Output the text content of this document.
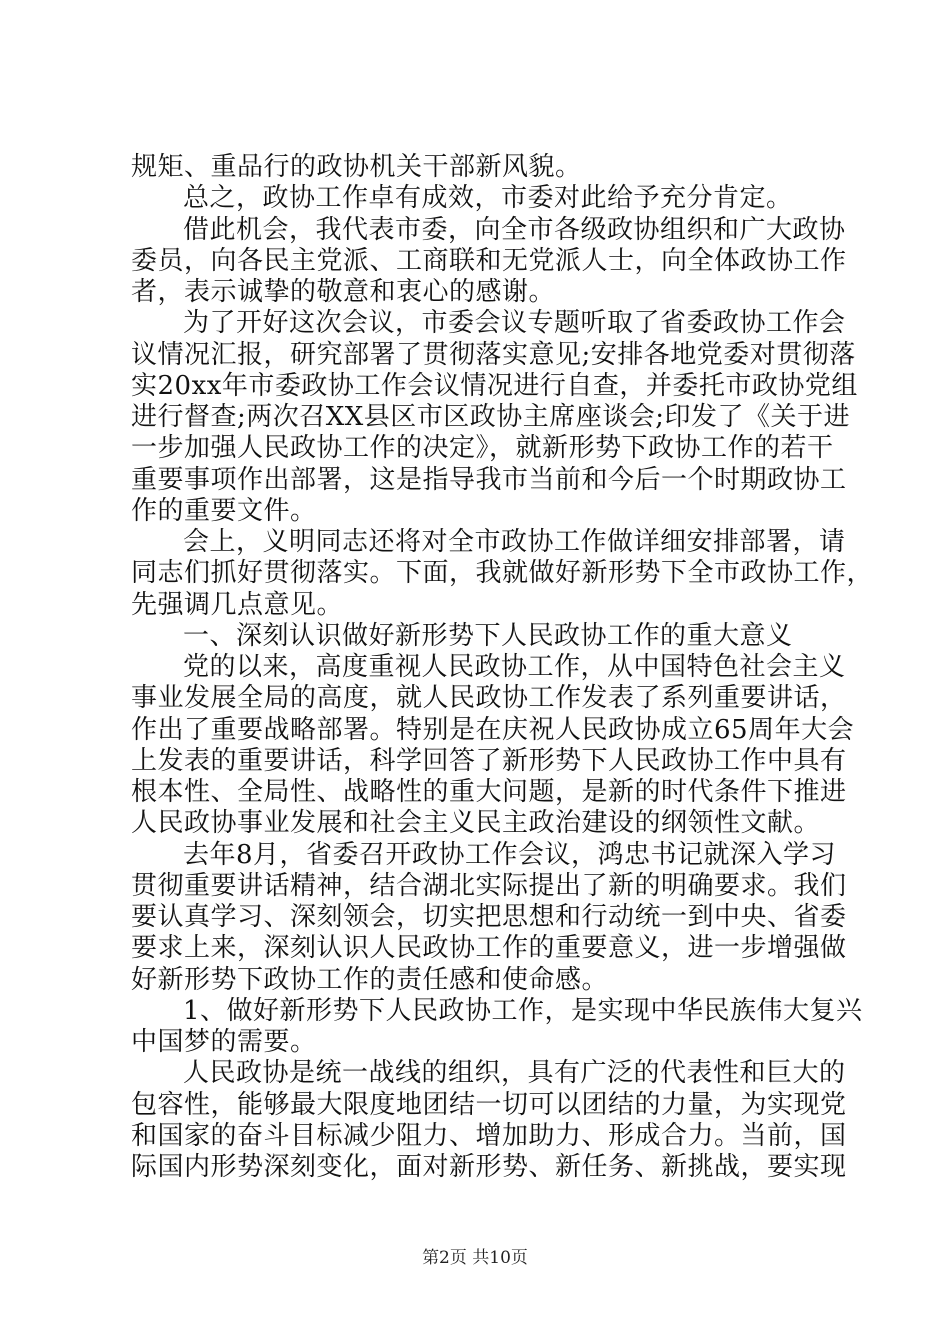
规矩、重品行的政协机关干部新风貌。
总之，政协工作卓有成效，市委对此给予充分肯定。
借此机会，我代表市委，向全市各级政协组织和广大政协
委员，向各民主党派、工商联和无党派人士，向全体政协工作
者，表示诚挚的敬意和衷心的感谢。
为了开好这次会议，市委会议专题听取了省委政协工作会
议情况汇报，研究部署了贯彻落实意见;安排各地党委对贯彻落
实20xx年市委政协工作会议情况进行自查，并委托市政协党组
进行督查;两次召XX县区市区政协主席座谈会;印发了《关于进
一步加强人民政协工作的决定》，就新形势下政协工作的若干
重要事项作出部署，这是指导我市当前和今后一个时期政协工
作的重要文件。
会上，义明同志还将对全市政协工作做详细安排部署，请
同志们抓好贯彻落实。下面，我就做好新形势下全市政协工作，
先强调几点意见。
一、深刻认识做好新形势下人民政协工作的重大意义
党的以来，高度重视人民政协工作，从中国特色社会主义
事业发展全局的高度，就人民政协工作发表了系列重要讲话，
作出了重要战略部署。特别是在庆祝人民政协成立65周年大会
上发表的重要讲话，科学回答了新形势下人民政协工作中具有
根本性、全局性、战略性的重大问题，是新的时代条件下推进
人民政协事业发展和社会主义民主政治建设的纲领性文献。
去年8月，省委召开政协工作会议，鸿忠书记就深入学习
贯彻重要讲话精神，结合湖北实际提出了新的明确要求。我们
要认真学习、深刻领会，切实把思想和行动统一到中央、省委
要求上来，深刻认识人民政协工作的重要意义，进一步增强做
好新形势下政协工作的责任感和使命感。
1、做好新形势下人民政协工作，是实现中华民族伟大复兴
中国梦的需要。
人民政协是统一战线的组织，具有广泛的代表性和巨大的
包容性，能够最大限度地团结一切可以团结的力量，为实现党
和国家的奋斗目标减少阻力、增加助力、形成合力。当前，国
际国内形势深刻变化，面对新形势、新任务、新挑战，要实现
第2页 共10页
